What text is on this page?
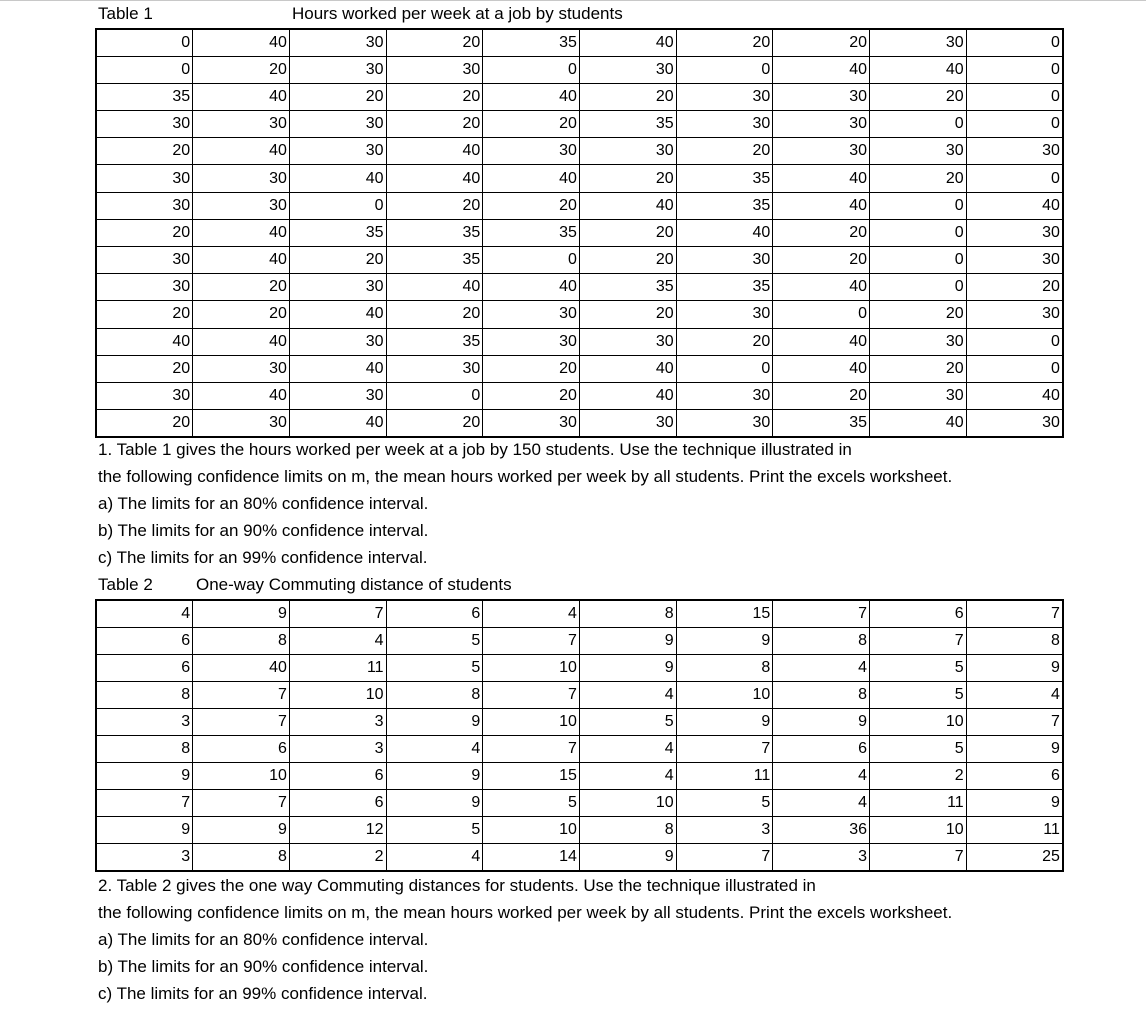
Table 1	Hours worked per week at a job by students
0	40	30	20	35	40	20	20	30	0
0	20	30	30	0	30	0	40	40	0
35	40	20	20	40	20	30	30	20	0
30	30	30	20	20	35	30	30	0	0
20	40	30	40	30	30	20	30	30	30
30	30	40	40	40	20	35	40	20	0
30	30	0	20	20	40	35	40	0	40
20	40	35	35	35	20	40	20	0	30
30	40	20	35	0	20	30	20	0	30
30	20	30	40	40	35	35	40	0	20
20	20	40	20	30	20	30	0	20	30
40	40	30	35	30	30	20	40	30	0
20	30	40	30	20	40	0	40	20	0
30	40	30	0	20	40	30	20	30	40
20	30	40	20	30	30	30	35	40	30
1. Table 1 gives the hours worked per week at a job by 150 students. Use the technique illustrated in
the following confidence limits on m, the mean hours worked per week by all students. Print the excels worksheet.
a) The limits for an 80% confidence interval.
b) The limits for an 90% confidence interval.
c) The limits for an 99% confidence interval.
Table 2	One-way Commuting distance of students
4	9	7	6	4	8	15	7	6	7
6	8	4	5	7	9	9	8	7	8
6	40	11	5	10	9	8	4	5	9
8	7	10	8	7	4	10	8	5	4
3	7	3	9	10	5	9	9	10	7
8	6	3	4	7	4	7	6	5	9
9	10	6	9	15	4	11	4	2	6
7	7	6	9	5	10	5	4	11	9
9	9	12	5	10	8	3	36	10	11
3	8	2	4	14	9	7	3	7	25
2. Table 2 gives the one way Commuting distances for students. Use the technique illustrated in
the following confidence limits on m, the mean hours worked per week by all students. Print the excels worksheet.
a) The limits for an 80% confidence interval.
b) The limits for an 90% confidence interval.
c) The limits for an 99% confidence interval.
